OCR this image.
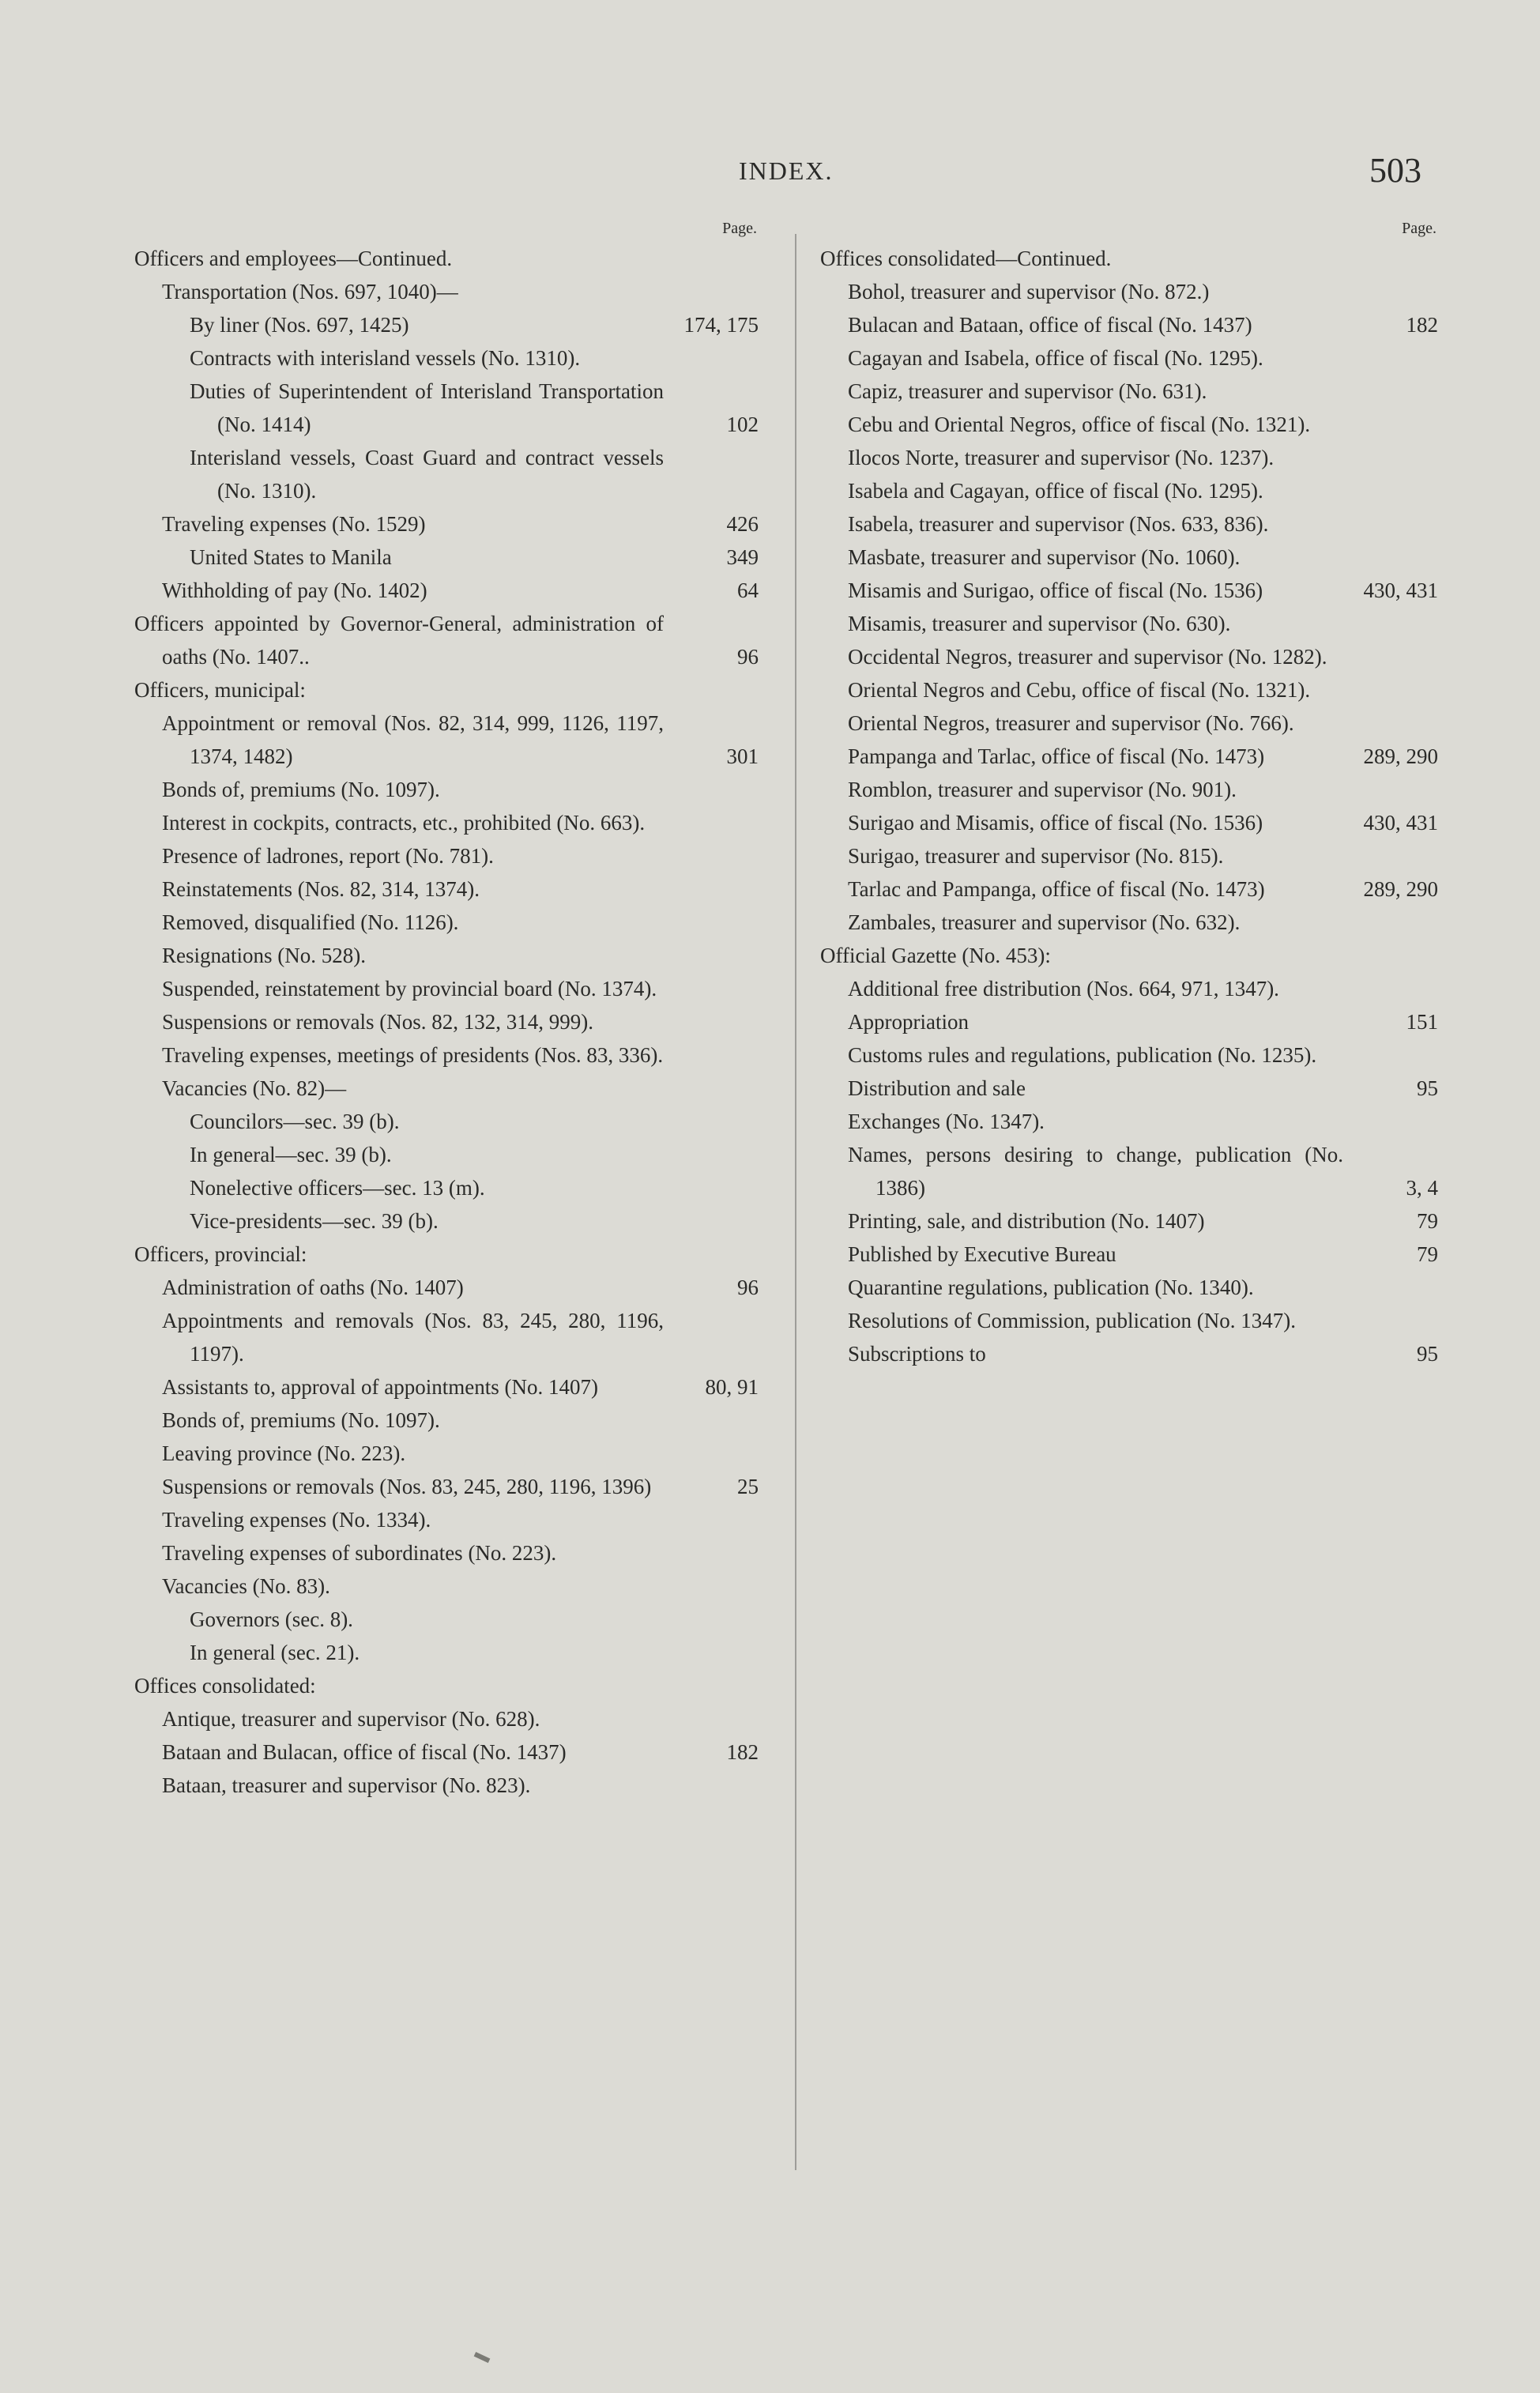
INDEX.	503
Page.
Officers and employees—Continued.
Transportation (Nos. 697, 1040)—
By liner (Nos. 697, 1425)	174, 175
Contracts with interisland vessels (No. 1310).
Duties of Superintendent of Interisland Transportation (No. 1414)	102
Interisland vessels, Coast Guard and contract vessels (No. 1310).
Traveling expenses (No. 1529)	426
United States to Manila	349
Withholding of pay (No. 1402)	64
Officers appointed by Governor-General, administration of oaths (No. 1407..	96
Officers, municipal:
Appointment or removal (Nos. 82, 314, 999, 1126, 1197, 1374, 1482)	301
Bonds of, premiums (No. 1097).
Interest in cockpits, contracts, etc., prohibited (No. 663).
Presence of ladrones, report (No. 781).
Reinstatements (Nos. 82, 314, 1374).
Removed, disqualified (No. 1126).
Resignations (No. 528).
Suspended, reinstatement by provincial board (No. 1374).
Suspensions or removals (Nos. 82, 132, 314, 999).
Traveling expenses, meetings of presidents (Nos. 83, 336).
Vacancies (No. 82)—
Councilors—sec. 39 (b).
In general—sec. 39 (b).
Nonelective officers—sec. 13 (m).
Vice-presidents—sec. 39 (b).
Officers, provincial:
Administration of oaths (No. 1407)	96
Appointments and removals (Nos. 83, 245, 280, 1196, 1197).
Assistants to, approval of appointments (No. 1407)	80, 91
Bonds of, premiums (No. 1097).
Leaving province (No. 223).
Suspensions or removals (Nos. 83, 245, 280, 1196, 1396)	25
Traveling expenses (No. 1334).
Traveling expenses of subordinates (No. 223).
Vacancies (No. 83).
Governors (sec. 8).
In general (sec. 21).
Offices consolidated:
Antique, treasurer and supervisor (No. 628).
Bataan and Bulacan, office of fiscal (No. 1437)	182
Bataan, treasurer and supervisor (No. 823).
Page.
Offices consolidated—Continued.
Bohol, treasurer and supervisor (No. 872.)
Bulacan and Bataan, office of fiscal (No. 1437)	182
Cagayan and Isabela, office of fiscal (No. 1295).
Capiz, treasurer and supervisor (No. 631).
Cebu and Oriental Negros, office of fiscal (No. 1321).
Ilocos Norte, treasurer and supervisor (No. 1237).
Isabela and Cagayan, office of fiscal (No. 1295).
Isabela, treasurer and supervisor (Nos. 633, 836).
Masbate, treasurer and supervisor (No. 1060).
Misamis and Surigao, office of fiscal (No. 1536)	430, 431
Misamis, treasurer and supervisor (No. 630).
Occidental Negros, treasurer and supervisor (No. 1282).
Oriental Negros and Cebu, office of fiscal (No. 1321).
Oriental Negros, treasurer and supervisor (No. 766).
Pampanga and Tarlac, office of fiscal (No. 1473)	289, 290
Romblon, treasurer and supervisor (No. 901).
Surigao and Misamis, office of fiscal (No. 1536)	430, 431
Surigao, treasurer and supervisor (No. 815).
Tarlac and Pampanga, office of fiscal (No. 1473)	289, 290
Zambales, treasurer and supervisor (No. 632).
Official Gazette (No. 453):
Additional free distribution (Nos. 664, 971, 1347).
Appropriation	151
Customs rules and regulations, publication (No. 1235).
Distribution and sale	95
Exchanges (No. 1347).
Names, persons desiring to change, publication (No. 1386)	3, 4
Printing, sale, and distribution (No. 1407)	79
Published by Executive Bureau	79
Quarantine regulations, publication (No. 1340).
Resolutions of Commission, publication (No. 1347).
Subscriptions to	95
